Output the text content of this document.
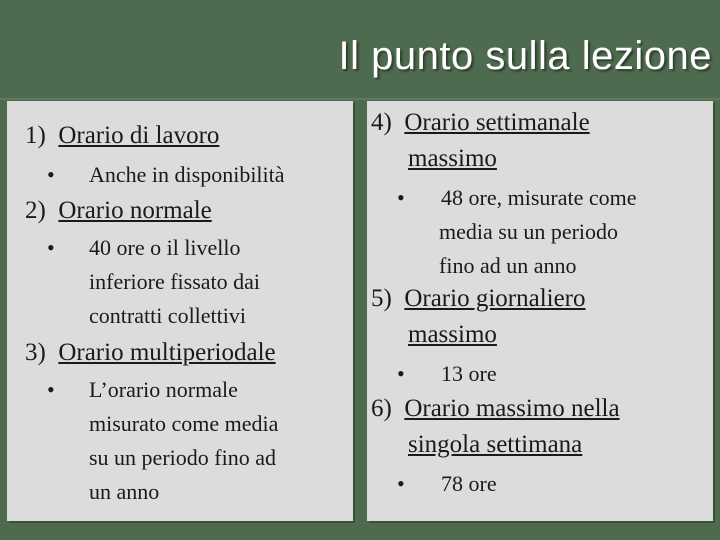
Il punto sulla lezione
1)  Orario di lavoro
• Anche in disponibilità
2)  Orario normale
• 40 ore o il livello
inferiore fissato dai
contratti collettivi
3)  Orario multiperiodale
• L’orario normale
misurato come media
su un periodo fino ad
un anno
4)  Orario settimanale
massimo
• 48 ore, misurate come
media su un periodo
fino ad un anno
5)  Orario giornaliero
massimo
• 13 ore
6)  Orario massimo nella
singola settimana
• 78 ore
